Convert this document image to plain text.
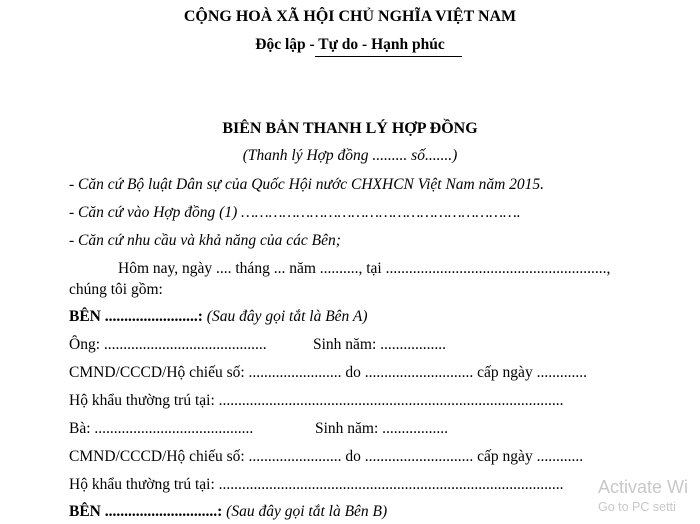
CỘNG HOÀ XÃ HỘI CHỦ NGHĨA VIỆT NAM
Độc lập - Tự do - Hạnh phúc
BIÊN BẢN THANH LÝ HỢP ĐỒNG
(Thanh lý Hợp đồng ......... số.......)
- Căn cứ Bộ luật Dân sự của Quốc Hội nước CHXHCN Việt Nam năm 2015.
- Căn cứ vào Hợp đồng (1) …………………………………………………….
- Căn cứ nhu cầu và khả năng của các Bên;
Hôm nay, ngày .... tháng ... năm .........., tại .........................................................,
chúng tôi gồm:
BÊN ........................: (Sau đây gọi tắt là Bên A)
Ông: ..........................................	Sinh năm: .................
CMND/CCCD/Hộ chiếu số: ........................ do ............................ cấp ngày .............
Hộ khẩu thường trú tại: .........................................................................................
Bà: .........................................	Sinh năm: .................
CMND/CCCD/Hộ chiếu số: ........................ do ............................ cấp ngày ............
Hộ khẩu thường trú tại: .........................................................................................
BÊN .............................: (Sau đây gọi tắt là Bên B)
Activate Wi
Go to PC setti
